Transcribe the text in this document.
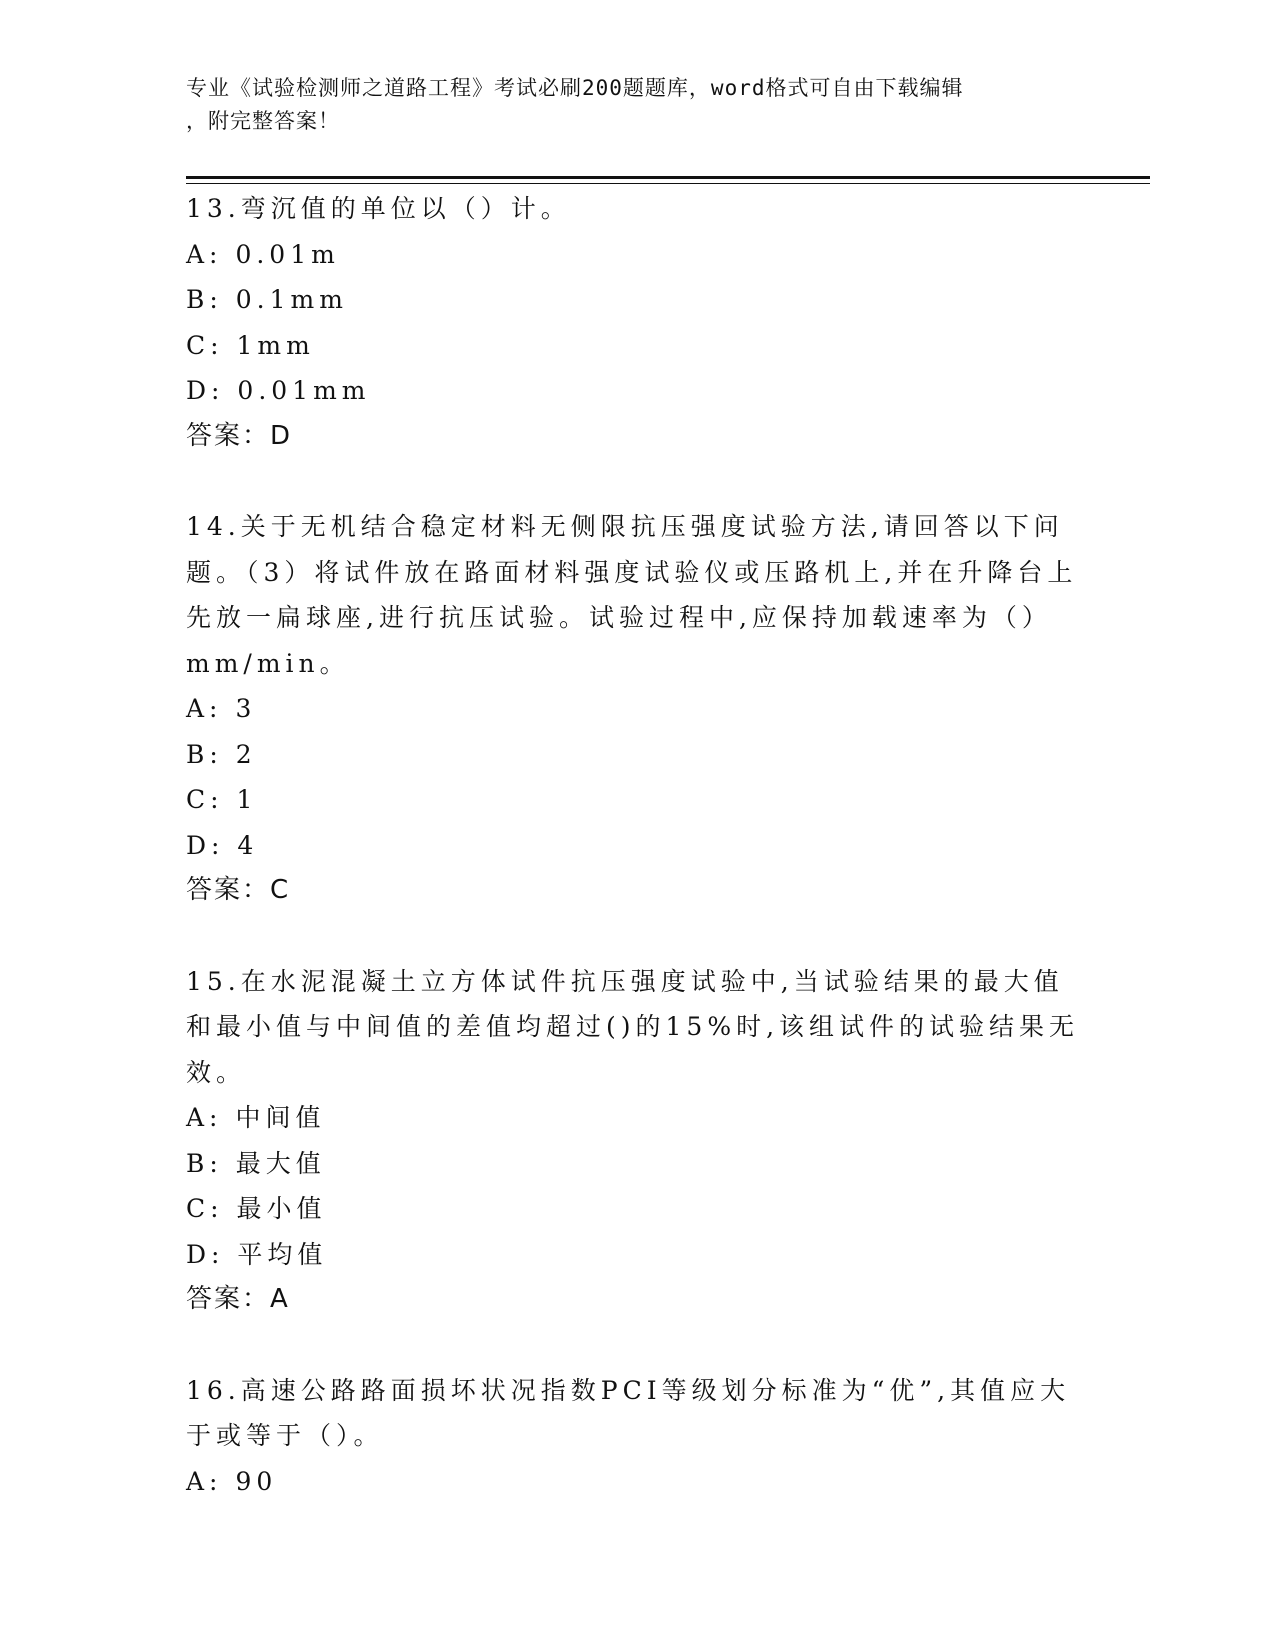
专业《试验检测师之道路工程》考试必刷200题题库，word格式可自由下载编辑
，附完整答案！

13.弯沉值的单位以（）计。

A: 0.01m

B: 0.1mm

C: 1mm

D: 0.01mm

答案：D

14.关于无机结合稳定材料无侧限抗压强度试验方法,请回答以下问题。（3）将试件放在路面材料强度试验仪或压路机上,并在升降台上先放一扁球座,进行抗压试验。试验过程中,应保持加载速率为（）mm/min。

A: 3

B: 2

C: 1

D: 4

答案：C

15.在水泥混凝土立方体试件抗压强度试验中,当试验结果的最大值和最小值与中间值的差值均超过()的15%时,该组试件的试验结果无效。

A: 中间值

B: 最大值

C: 最小值

D: 平均值

答案：A

16.高速公路路面损坏状况指数PCI等级划分标准为“优”,其值应大于或等于（）。

A: 90
